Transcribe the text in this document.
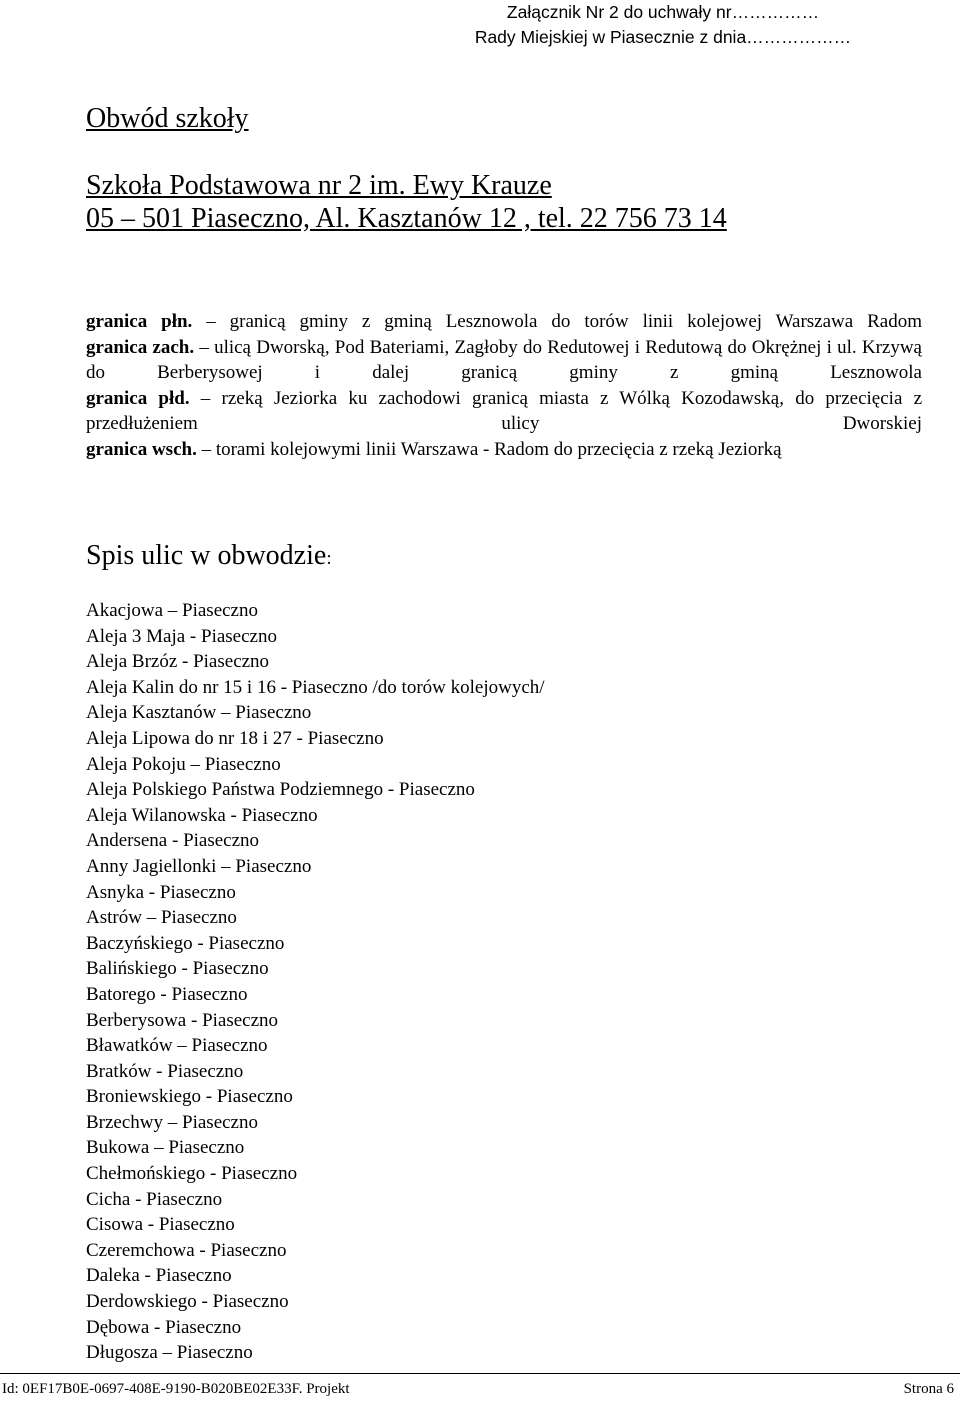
Załącznik Nr 2 do uchwały nr……………
Rady Miejskiej w Piasecznie z dnia………………
Obwód szkoły
Szkoła Podstawowa nr 2 im. Ewy Krauze
05 – 501 Piaseczno, Al. Kasztanów 12 , tel. 22 756 73 14

granica płn. – granicą gminy z gminą Lesznowola do torów linii kolejowej Warszawa Radom

granica zach. – ulicą Dworską, Pod Bateriami, Zagłoby do Redutowej i Redutową do Okrężnej i ul. Krzywą do Berberysowej i dalej granicą gminy z gminą Lesznowola

granica płd. – rzeką Jeziorka ku zachodowi granicą miasta z Wólką Kozodawską, do przecięcia z przedłużeniem ulicy Dworskiej

granica wsch. – torami kolejowymi linii Warszawa - Radom do przecięcia z rzeką Jeziorką

Spis ulic w obwodzie:
Akacjowa – Piaseczno
Aleja 3 Maja - Piaseczno
Aleja Brzóz - Piaseczno
Aleja Kalin do nr 15 i 16 - Piaseczno /do torów kolejowych/
Aleja Kasztanów – Piaseczno
Aleja Lipowa do nr 18 i 27 - Piaseczno
Aleja Pokoju – Piaseczno
Aleja Polskiego Państwa Podziemnego - Piaseczno
Aleja Wilanowska - Piaseczno
Andersena - Piaseczno
Anny Jagiellonki – Piaseczno
Asnyka - Piaseczno
Astrów – Piaseczno
Baczyńskiego - Piaseczno
Balińskiego - Piaseczno
Batorego - Piaseczno
Berberysowa - Piaseczno
Bławatków – Piaseczno
Bratków - Piaseczno
Broniewskiego - Piaseczno
Brzechwy – Piaseczno
Bukowa – Piaseczno
Chełmońskiego - Piaseczno
Cicha - Piaseczno
Cisowa - Piaseczno
Czeremchowa - Piaseczno
Daleka - Piaseczno
Derdowskiego - Piaseczno
Dębowa - Piaseczno
Długosza – Piaseczno
Id: 0EF17B0E-0697-408E-9190-B020BE02E33F. Projekt	Strona 6
